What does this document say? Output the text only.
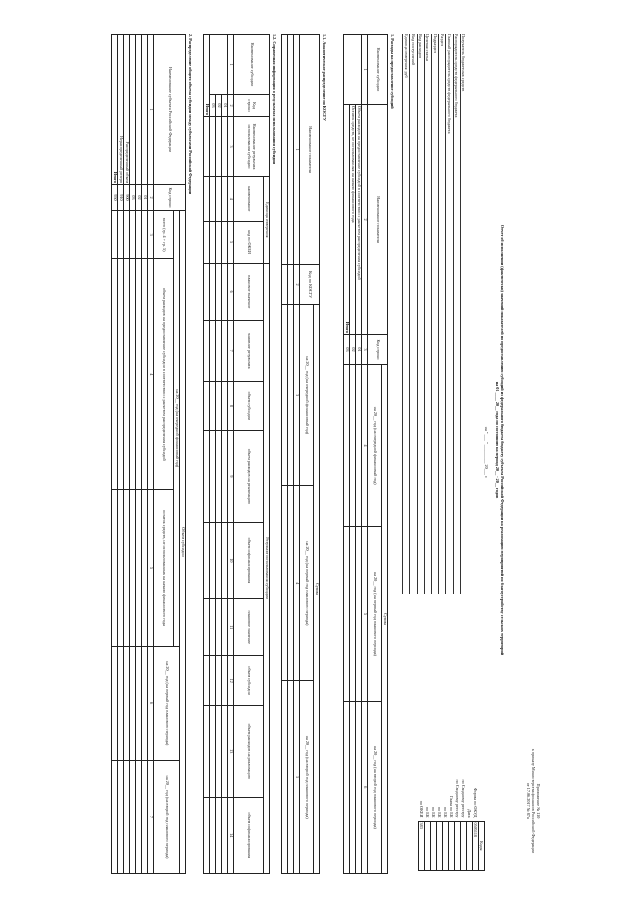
Приложение № 110
к приказу Министерства финансов Российской Федерации
от 17.06.2017 № 87н
Отчет об исполнении (фактически) значений показателей по предоставлению субсидий из федерального бюджета бюджету субъекта Российской Федерации на реализацию мероприятий по благоустройству сельских территорий
на 01 ____ 20__ года по состоянию на период 20__ - 20__ годов
на " ___ " _________ 20___ г.
	Коды
Форма по ОКУД	0505118
Дата	
по Сводному реестру	
по Сводному реестру	
Глава по БК	
по БК	
по БК	
по БК	
по БК	
по ОКЕИ	383
Получатель бюджетных средств
Распорядитель средств федерального бюджета
Главный распорядитель средств федерального бюджета
Раздел
Подраздел
Целевая статья
Вид расходов
Вид поступлений
Единица измерения: руб
1. Расходы на предоставление субсидий
Наименование субсидии	Наименование показателя	Код строки	Сумма		
			на 20__ год (на очередной финансовый год)	на 20__ год (на первый год планового периода)	на 20__ год (на второй год планового периода)
1	2	3	4	5	6
	Объем расходов на предоставление субсидий в соответствии с расчетом распределения субсидий	01			
	Остаток средств, не использованных на начало финансового года	02			
	Итого	03			
1.1. Аналитическое распределение по КОСГУ
Наименование показателя	Код по КОСГУ	Сумма		
		на 20__ год (на очередной финансовый год)	на 20__ год (на первый год планового периода)	на 20__ год (на второй год планового периода)
1	2	3	4	5

1.2. Справочная информация о результатах использования субсидии
Наименование субсидии	Код строки	Наименование результата использования субсидии	Единица измерения		Результат использования субсидии								
			наименование	код по ОКЕИ	плановое значение	значение результата	объем субсидии	объем расходов на реализацию	объем софинансирования	плановое значение	объем субсидии	объем расходов на реализацию	объем софинансирования
1	2	3	4	5	6	7	8	9	10	11	12	13	14
	01												
	02												
	03												
Итого													
2. Распределение общего объема субсидии между субъектами Российской Федерации
Наименование субъекта Российской Федерации	Код строки	Объем субсидии				
		на 20__ год (на очередной финансовый год)			на 20__ год (на первый год планового периода)	на 20__ год (на второй год планового периода)
		всего (гр. 4 + гр. 5)	объем расходов на предоставление субсидии в соответствии с расчетом распределения субсидий	остаток средств, не использованных на начало финансового года		
1	2	3	4	5	6	7
	01					
	02					
	03					
Распределенный объем	900					
Нераспределенный резерв	910					
Итого	950					
